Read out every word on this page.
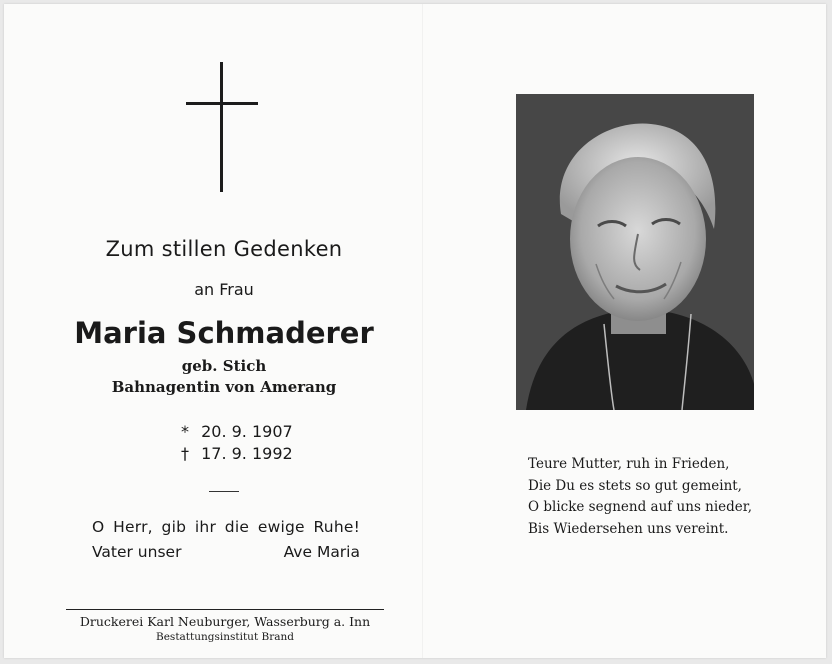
Zum stillen Gedenken
an Frau
Maria Schmaderer
geb. Stich
Bahnagentin von Amerang
* 20. 9. 1907
† 17. 9. 1992
O Herr, gib ihr die ewige Ruhe!
Vater unser	Ave Maria
Druckerei Karl Neuburger, Wasserburg a. Inn
Bestattungsinstitut Brand
Teure Mutter, ruh in Frieden,
Die Du es stets so gut gemeint,
O blicke segnend auf uns nieder,
Bis Wiedersehen uns vereint.
